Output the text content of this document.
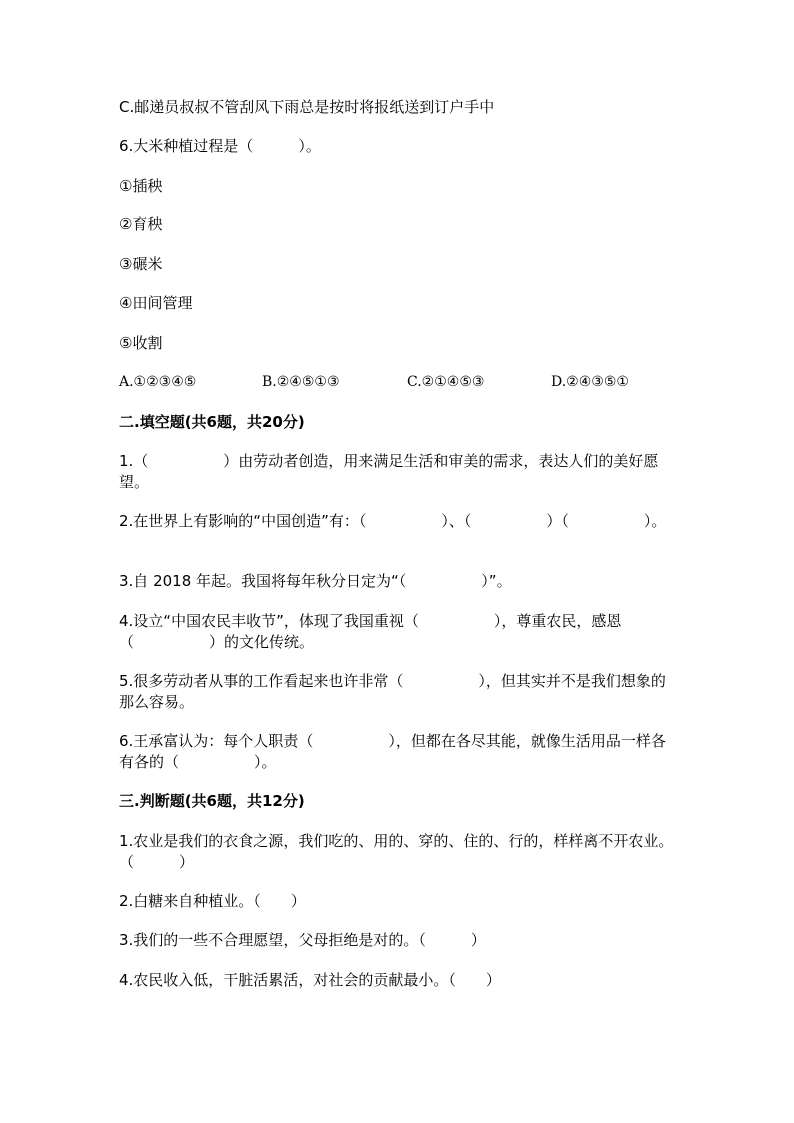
C.邮递员叔叔不管刮风下雨总是按时将报纸送到订户手中
6.大米种植过程是（　　　）。
①插秧
②育秧
③碾米
④田间管理
⑤收割
A.①②③④⑤	B.②④⑤①③	C.②①④⑤③	D.②④③⑤①
二.填空题(共6题，共20分)
1.（　　　　　）由劳动者创造，用来满足生活和审美的需求，表达人们的美好愿望。
2.在世界上有影响的“中国创造”有：（　　　　　）、（　　　　　）（　　　　　）。
3.自 2018 年起。我国将每年秋分日定为“（　　　　　）”。
4.设立“中国农民丰收节”，体现了我国重视（　　　　　），尊重农民，感恩（　　　　　）的文化传统。
5.很多劳动者从事的工作看起来也许非常（　　　　　），但其实并不是我们想象的那么容易。
6.王承富认为：每个人职责（　　　　　），但都在各尽其能，就像生活用品一样各有各的（　　　　　）。
三.判断题(共6题，共12分)
1.农业是我们的衣食之源，我们吃的、用的、穿的、住的、行的，样样离不开农业。（　　　）
2.白糖来自种植业。（　　）
3.我们的一些不合理愿望，父母拒绝是对的。（　　　）
4.农民收入低，干脏活累活，对社会的贡献最小。（　　）
